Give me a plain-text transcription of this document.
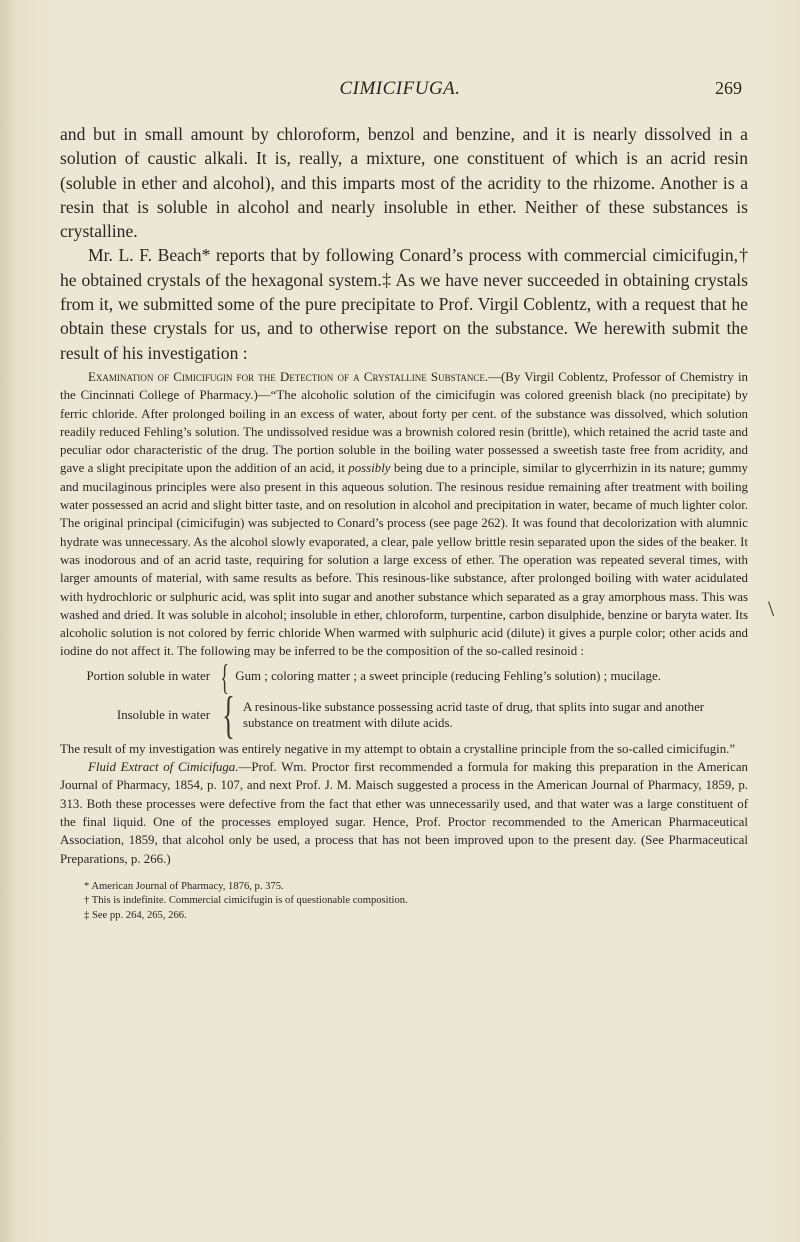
CIMICIFUGA.	269

and but in small amount by chloroform, benzol and benzine, and it is nearly dissolved in a solution of caustic alkali. It is, really, a mixture, one constituent of which is an acrid resin (soluble in ether and alcohol), and this imparts most of the acridity to the rhizome. Another is a resin that is soluble in alcohol and nearly insoluble in ether. Neither of these substances is crystalline.

Mr. L. F. Beach* reports that by following Conard’s process with commercial cimicifugin,† he obtained crystals of the hexagonal system.‡ As we have never succeeded in obtaining crystals from it, we submitted some of the pure precipitate to Prof. Virgil Coblentz, with a request that he obtain these crystals for us, and to otherwise report on the substance. We herewith submit the result of his investigation :

Examination of Cimicifugin for the Detection of a Crystalline Substance.—(By Virgil Coblentz, Professor of Chemistry in the Cincinnati College of Pharmacy.)—“The alcoholic solution of the cimicifugin was colored greenish black (no precipitate) by ferric chloride. After prolonged boiling in an excess of water, about forty per cent. of the substance was dissolved, which solution readily reduced Fehling’s solution. The undissolved residue was a brownish colored resin (brittle), which retained the acrid taste and peculiar odor characteristic of the drug. The portion soluble in the boiling water possessed a sweetish taste free from acridity, and gave a slight precipitate upon the addition of an acid, it possibly being due to a principle, similar to glycerrhizin in its nature; gummy and mucilaginous principles were also present in this aqueous solution. The resinous residue remaining after treatment with boiling water possessed an acrid and slight bitter taste, and on resolution in alcohol and precipitation in water, became of much lighter color. The original principal (cimicifugin) was subjected to Conard’s process (see page 262). It was found that decolorization with alumnic hydrate was unnecessary. As the alcohol slowly evaporated, a clear, pale yellow brittle resin separated upon the sides of the beaker. It was inodorous and of an acrid taste, requiring for solution a large excess of ether. The operation was repeated several times, with larger amounts of material, with same results as before. This resinous-like substance, after prolonged boiling with water acidulated with hydrochloric or sulphuric acid, was split into sugar and another substance which separated as a gray amorphous mass. This was washed and dried. It was soluble in alcohol; insoluble in ether, chloroform, turpentine, carbon disulphide, benzine or baryta water. Its alcoholic solution is not colored by ferric chloride When warmed with sulphuric acid (dilute) it gives a purple color; other acids and iodine do not affect it. The following may be inferred to be the composition of the so-called resinoid :

Portion soluble in water { Gum ; coloring matter ; a sweet principle (reducing Fehling’s solution) ; mucilage.
Insoluble in water { A resinous-like substance possessing acrid taste of drug, that splits into sugar and another substance on treatment with dilute acids.

The result of my investigation was entirely negative in my attempt to obtain a crystalline principle from the so-called cimicifugin.”

Fluid Extract of Cimicifuga.—Prof. Wm. Proctor first recommended a formula for making this preparation in the American Journal of Pharmacy, 1854, p. 107, and next Prof. J. M. Maisch suggested a process in the American Journal of Pharmacy, 1859, p. 313. Both these processes were defective from the fact that ether was unnecessarily used, and that water was a large constituent of the final liquid. One of the processes employed sugar. Hence, Prof. Proctor recommended to the American Pharmaceutical Association, 1859, that alcohol only be used, a process that has not been improved upon to the present day. (See Pharmaceutical Preparations, p. 266.)

* American Journal of Pharmacy, 1876, p. 375.
† This is indefinite. Commercial cimicifugin is of questionable composition.
‡ See pp. 264, 265, 266.
\
